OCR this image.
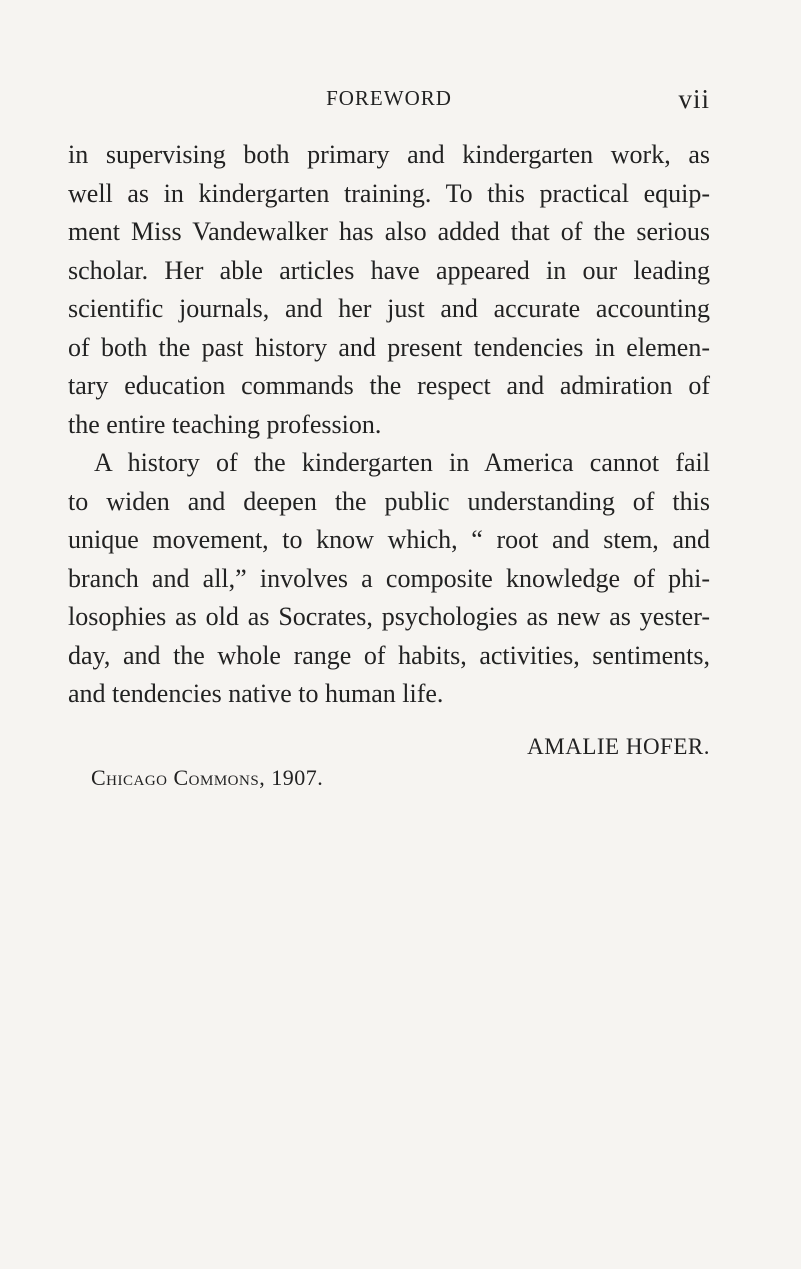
FOREWORD	vii
in supervising both primary and kindergarten work, as
well as in kindergarten training. To this practical equip-
ment Miss Vandewalker has also added that of the serious
scholar. Her able articles have appeared in our leading
scientific journals, and her just and accurate accounting
of both the past history and present tendencies in elemen-
tary education commands the respect and admiration of
the entire teaching profession.
A history of the kindergarten in America cannot fail
to widen and deepen the public understanding of this
unique movement, to know which, “ root and stem, and
branch and all,” involves a composite knowledge of phi-
losophies as old as Socrates, psychologies as new as yester-
day, and the whole range of habits, activities, sentiments,
and tendencies native to human life.
AMALIE HOFER.
Chicago Commons, 1907.
